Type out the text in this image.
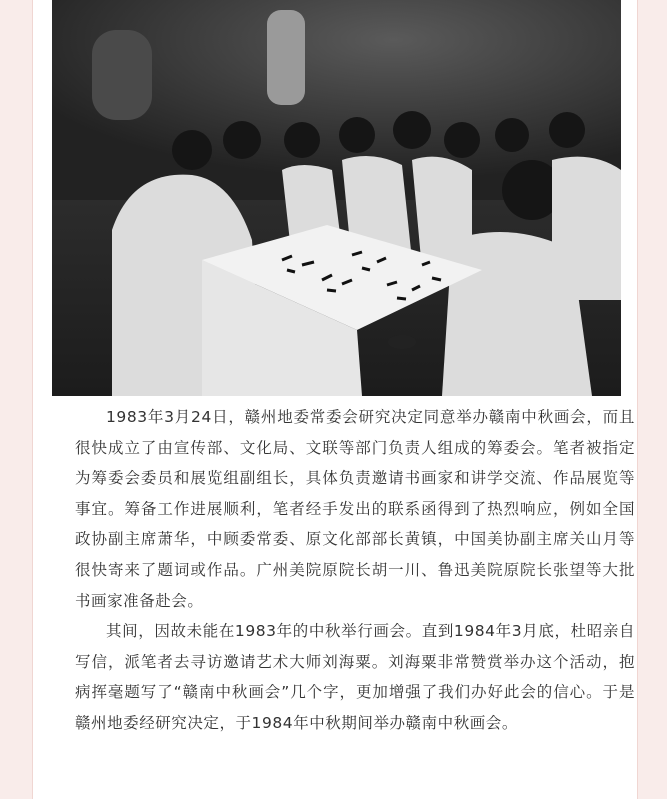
1983年3月24日，赣州地委常委会研究决定同意举办赣南中秋画会，而且很快成立了由宣传部、文化局、文联等部门负责人组成的筹委会。笔者被指定为筹委会委员和展览组副组长，具体负责邀请书画家和讲学交流、作品展览等事宜。筹备工作进展顺利，笔者经手发出的联系函得到了热烈响应，例如全国政协副主席萧华，中顾委常委、原文化部部长黄镇，中国美协副主席关山月等很快寄来了题词或作品。广州美院原院长胡一川、鲁迅美院原院长张望等大批书画家准备赴会。

其间，因故未能在1983年的中秋举行画会。直到1984年3月底，杜昭亲自写信，派笔者去寻访邀请艺术大师刘海粟。刘海粟非常赞赏举办这个活动，抱病挥毫题写了“赣南中秋画会”几个字，更加增强了我们办好此会的信心。于是赣州地委经研究决定，于1984年中秋期间举办赣南中秋画会。
